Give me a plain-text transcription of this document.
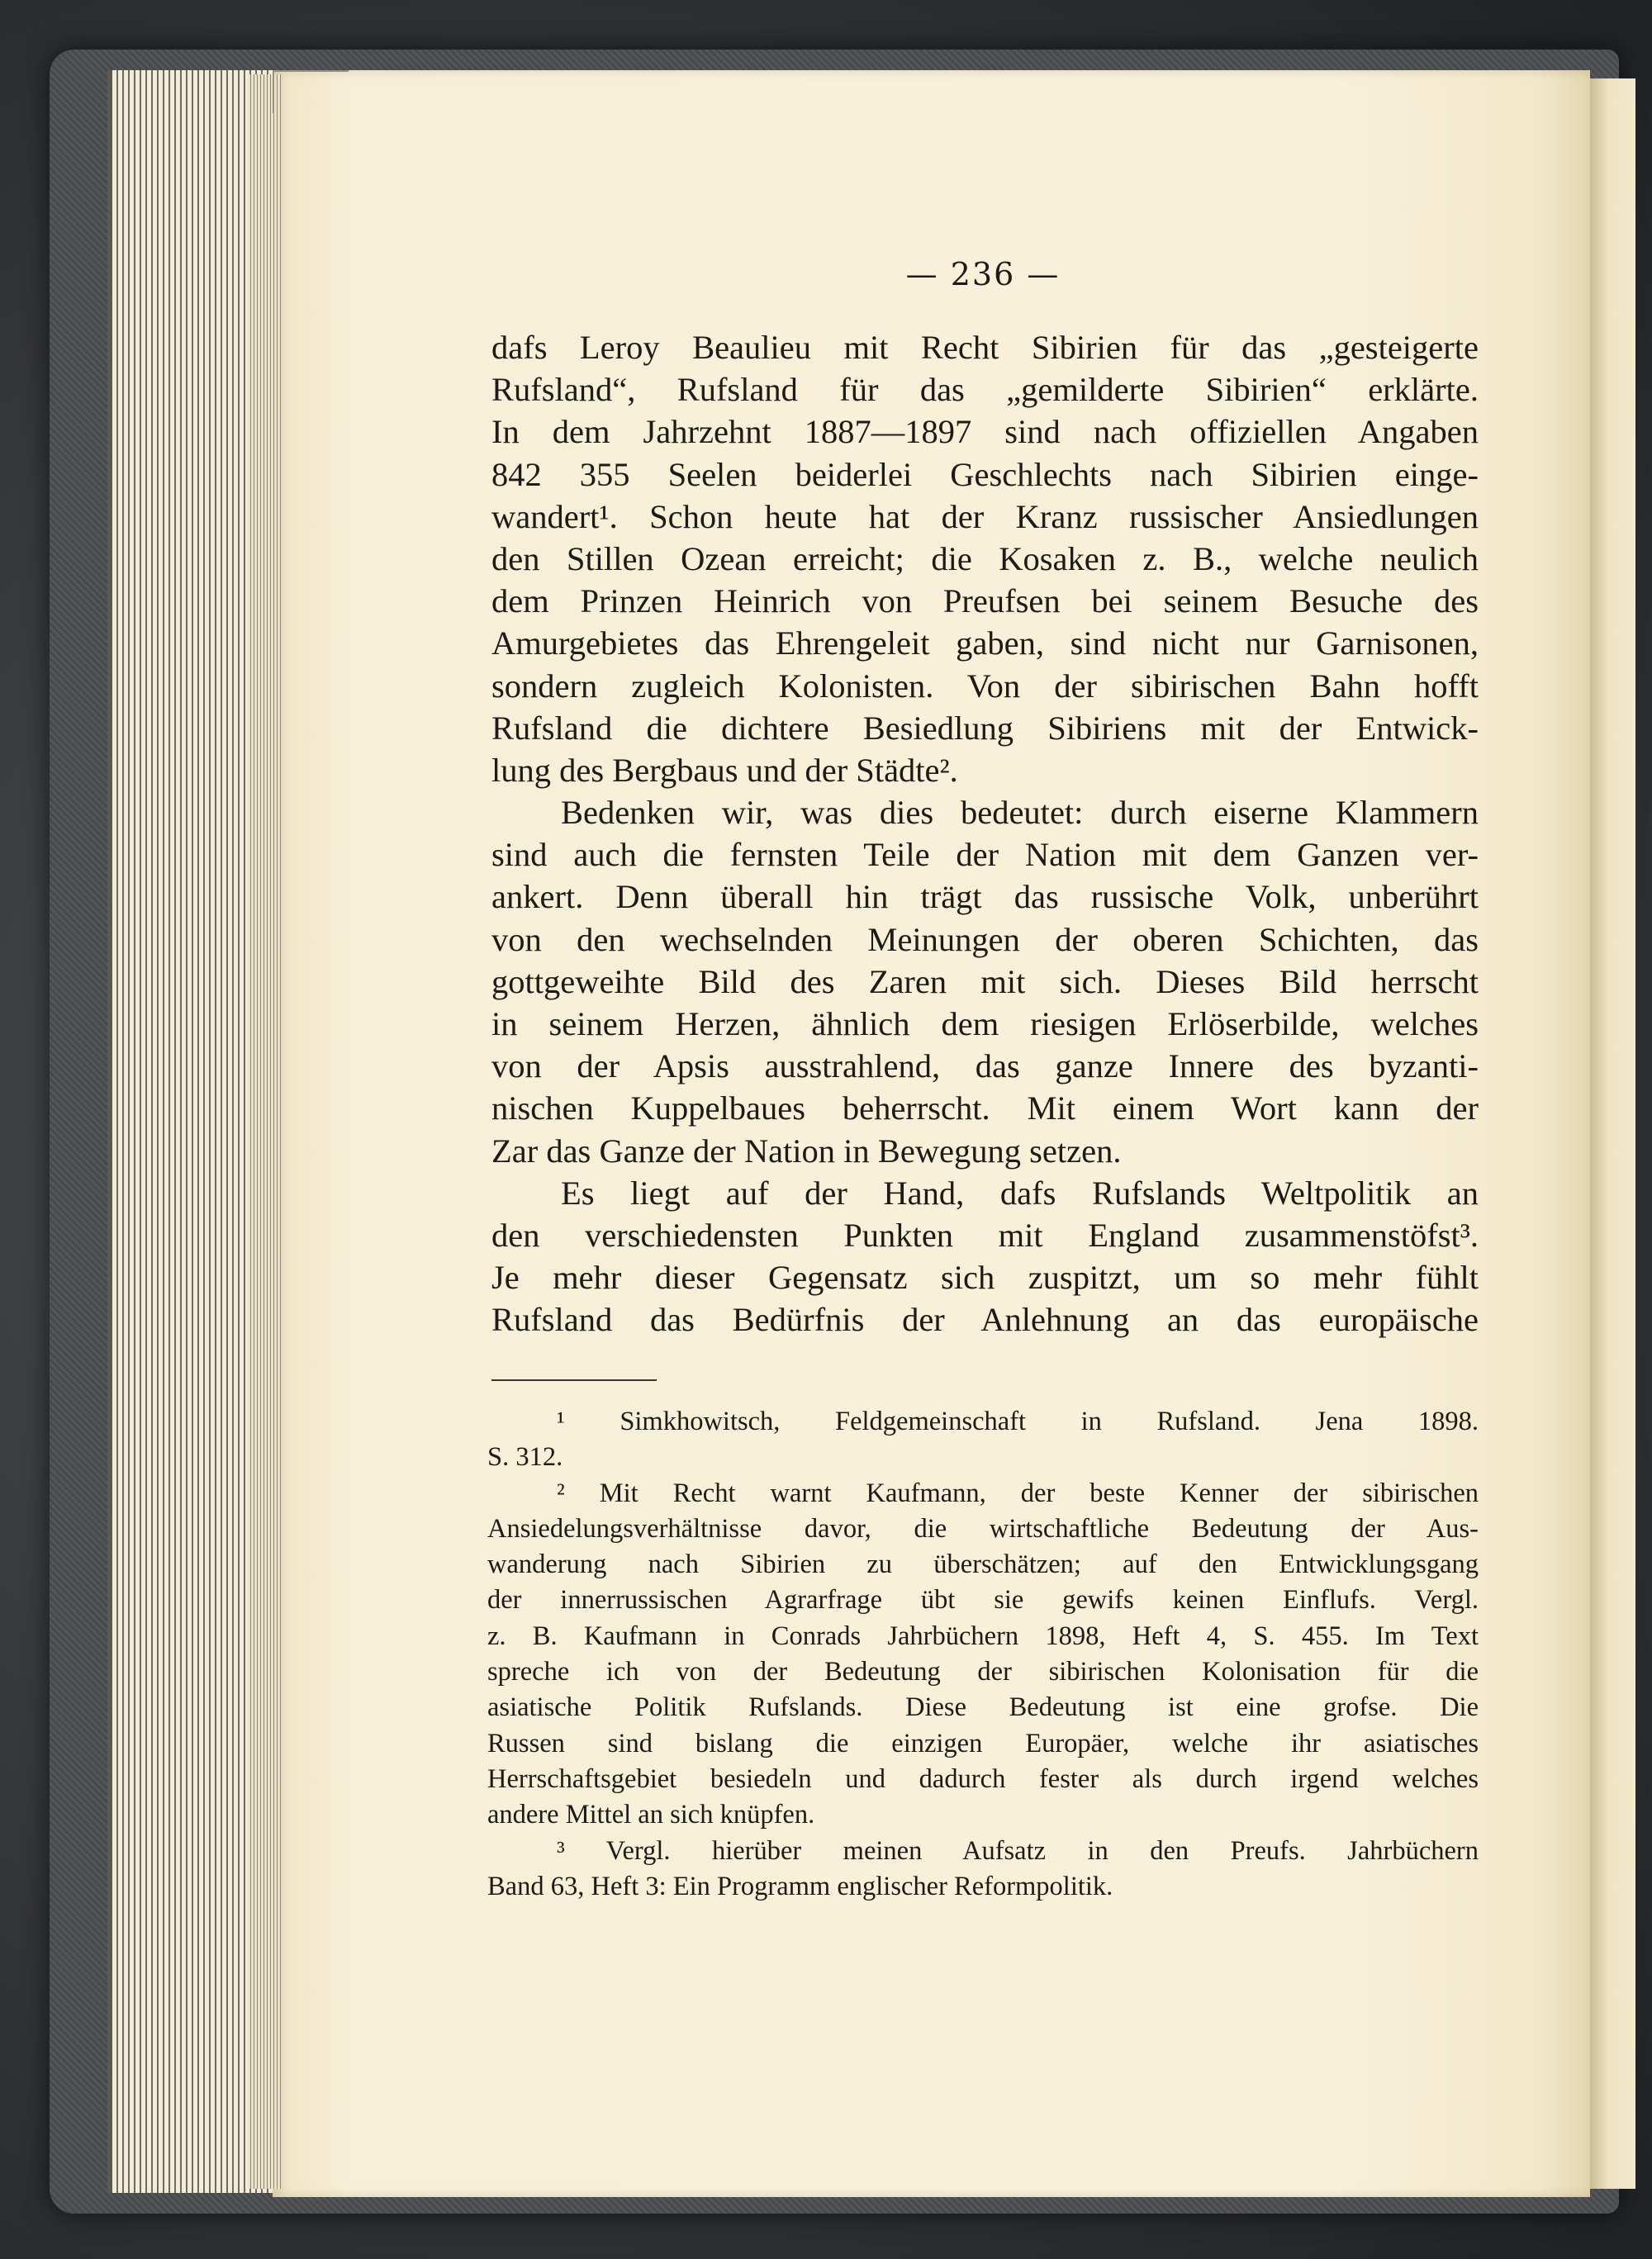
— 236 —
dafs Leroy Beaulieu mit Recht Sibirien für das „gesteigerte
Rufsland“, Rufsland für das „gemilderte Sibirien“ erklärte.
In dem Jahrzehnt 1887—1897 sind nach offiziellen Angaben
842 355 Seelen beiderlei Geschlechts nach Sibirien einge-
wandert¹. Schon heute hat der Kranz russischer Ansiedlungen
den Stillen Ozean erreicht; die Kosaken z. B., welche neulich
dem Prinzen Heinrich von Preufsen bei seinem Besuche des
Amurgebietes das Ehrengeleit gaben, sind nicht nur Garnisonen,
sondern zugleich Kolonisten. Von der sibirischen Bahn hofft
Rufsland die dichtere Besiedlung Sibiriens mit der Entwick-
lung des Bergbaus und der Städte².
Bedenken wir, was dies bedeutet: durch eiserne Klammern
sind auch die fernsten Teile der Nation mit dem Ganzen ver-
ankert. Denn überall hin trägt das russische Volk, unberührt
von den wechselnden Meinungen der oberen Schichten, das
gottgeweihte Bild des Zaren mit sich. Dieses Bild herrscht
in seinem Herzen, ähnlich dem riesigen Erlöserbilde, welches
von der Apsis ausstrahlend, das ganze Innere des byzanti-
nischen Kuppelbaues beherrscht. Mit einem Wort kann der
Zar das Ganze der Nation in Bewegung setzen.
Es liegt auf der Hand, dafs Rufslands Weltpolitik an
den verschiedensten Punkten mit England zusammenstöfst³.
Je mehr dieser Gegensatz sich zuspitzt, um so mehr fühlt
Rufsland das Bedürfnis der Anlehnung an das europäische
¹ Simkhowitsch, Feldgemeinschaft in Rufsland. Jena 1898.
S. 312.
² Mit Recht warnt Kaufmann, der beste Kenner der sibirischen
Ansiedelungsverhältnisse davor, die wirtschaftliche Bedeutung der Aus-
wanderung nach Sibirien zu überschätzen; auf den Entwicklungsgang
der innerrussischen Agrarfrage übt sie gewifs keinen Einflufs. Vergl.
z. B. Kaufmann in Conrads Jahrbüchern 1898, Heft 4, S. 455. Im Text
spreche ich von der Bedeutung der sibirischen Kolonisation für die
asiatische Politik Rufslands. Diese Bedeutung ist eine grofse. Die
Russen sind bislang die einzigen Europäer, welche ihr asiatisches
Herrschaftsgebiet besiedeln und dadurch fester als durch irgend welches
andere Mittel an sich knüpfen.
³ Vergl. hierüber meinen Aufsatz in den Preufs. Jahrbüchern
Band 63, Heft 3: Ein Programm englischer Reformpolitik.
